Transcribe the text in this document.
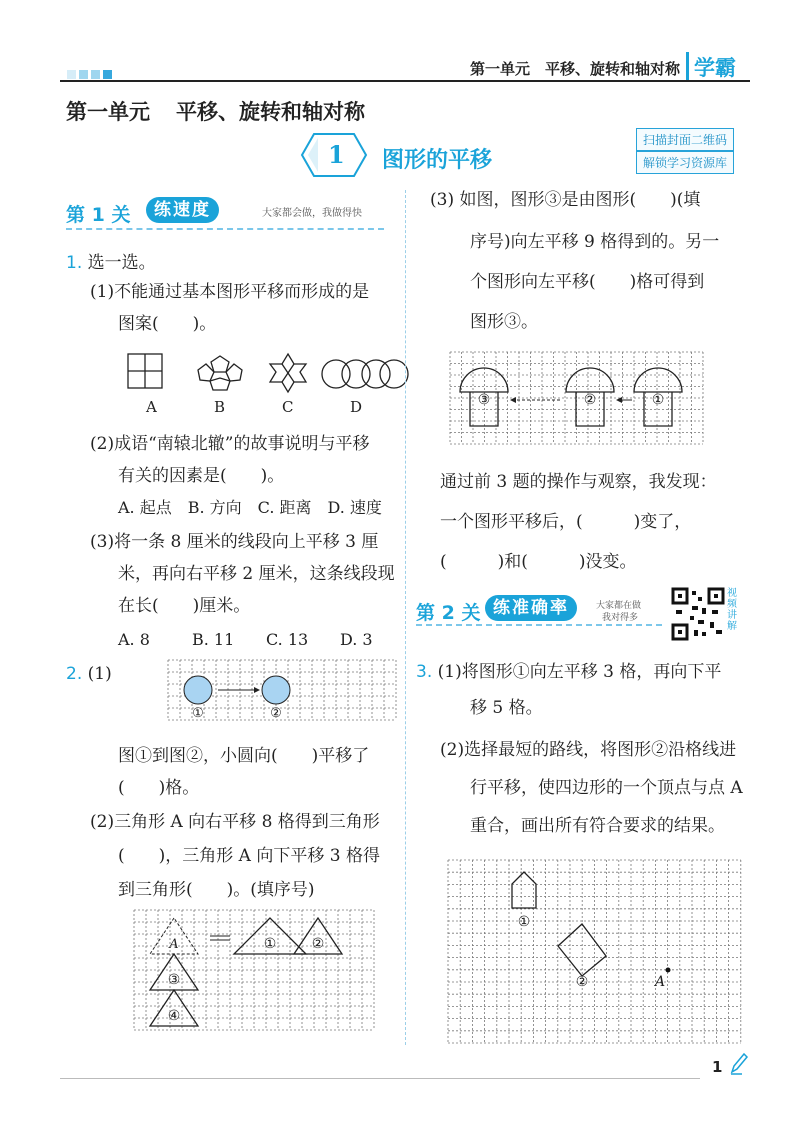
第一单元 平移、旋转和轴对称 学霸
第一单元 平移、旋转和轴对称
1 图形的平移
扫描封面二维码
解锁学习资源库
第 1 关	练速度	大家都会做，我做得快
1. 选一选。
(1)不能通过基本图形平移而形成的是
图案(　　)。
A	B	C	D
(2)成语“南辕北辙”的故事说明与平移
有关的因素是(　　)。
A. 起点　B. 方向　C. 距离　D. 速度
(3)将一条 8 厘米的线段向上平移 3 厘
米，再向右平移 2 厘米，这条线段现
在长(　　)厘米。
A. 8	B. 11 C. 13 D. 3
2. (1)
①	②
图①到图②，小圆向(　　)平移了
(　　)格。
(2)三角形 A 向右平移 8 格得到三角形
(　　)，三角形 A 向下平移 3 格得
到三角形(　　)。(填序号)
A	①	②
③
④
(3) 如图，图形③是由图形(　　)(填
序号)向左平移 9 格得到的。另一
个图形向左平移(　　)格可得到
图形③。
③	②	①
通过前 3 题的操作与观察，我发现：
一个图形平移后，(　　　)变了，
(　　　)和(　　　)没变。
第 2 关 练准确率	大家都在做
我对得多
视频讲解
3. (1)将图形①向左平移 3 格，再向下平
移 5 格。
(2)选择最短的路线，将图形②沿格线进
行平移，使四边形的一个顶点与点 A
重合，画出所有符合要求的结果。
①
②	A
1
